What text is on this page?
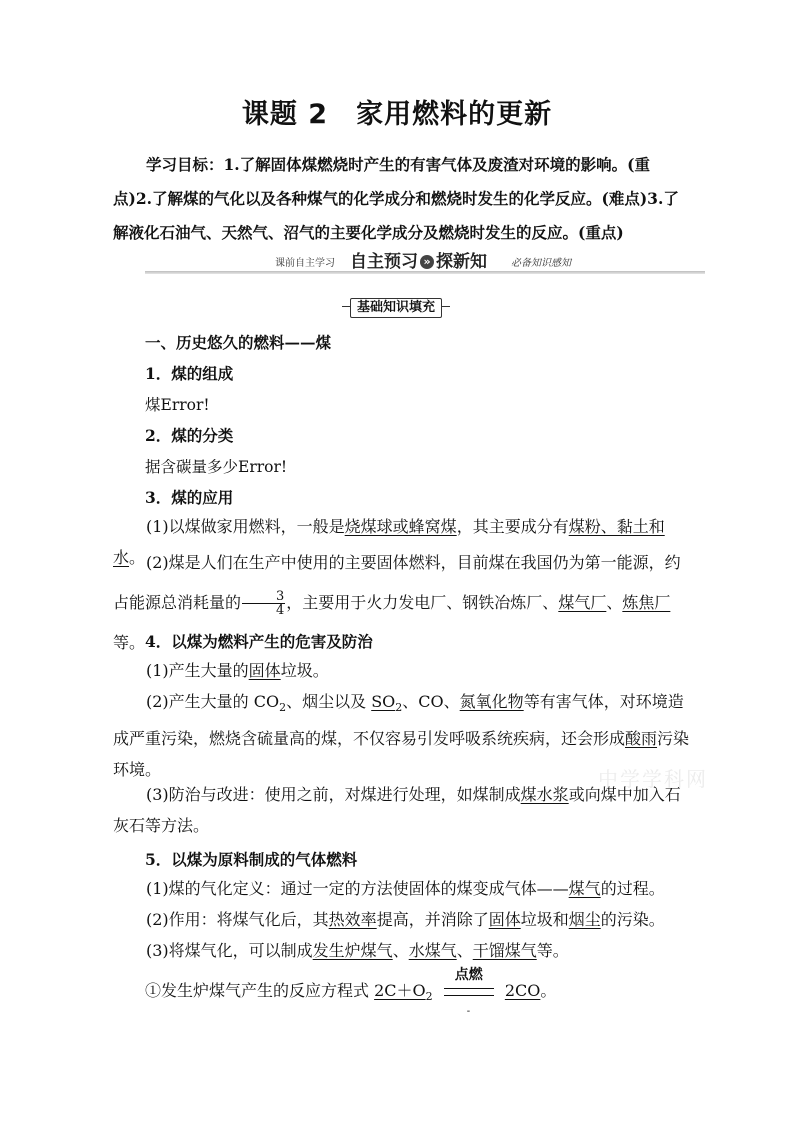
课题 2　家用燃料的更新
学习目标：1.了解固体煤燃烧时产生的有害气体及废渣对环境的影响。(重点)2.了解煤的气化以及各种煤气的化学成分和燃烧时发生的化学反应。(难点)3.了解液化石油气、天然气、沼气的主要化学成分及燃烧时发生的反应。(重点)
课前自主学习 自主预习 » 探新知 必备知识感知
基础知识填充
一、历史悠久的燃料——煤
1．煤的组成
煤Error!
2．煤的分类
据含碳量多少Error!
3．煤的应用
(1)以煤做家用燃料，一般是烧煤球或蜂窝煤，其主要成分有煤粉、黏土和水。 (2)煤是人们在生产中使用的主要固体燃料，目前煤在我国仍为第一能源，约占能源总消耗量的 $\frac{3}{4}$ ，主要用于火力发电厂、钢铁冶炼厂、煤气厂、炼焦厂等。 4．以煤为燃料产生的危害及防治
(1)产生大量的固体垃圾。
(2)产生大量的 $CO_2$、烟尘以及 $SO_2$、CO、氮氧化物等有害气体，对环境造成严重污染，燃烧含硫量高的煤，不仅容易引发呼吸系统疾病，还会形成酸雨污染环境。
(3)防治与改进：使用之前，对煤进行处理，如煤制成煤水浆或向煤中加入石灰石等方法。
5．以煤为原料制成的气体燃料
(1)煤的气化定义：通过一定的方法使固体的煤变成气体——煤气的过程。
(2)作用：将煤气化后，其热效率提高，并消除了固体垃圾和烟尘的污染。
(3)将煤气化，可以制成发生炉煤气、水煤气、干馏煤气等。
①发生炉煤气产生的反应方程式 $2C+O_2$
点燃
-
2CO。
中学学科网
